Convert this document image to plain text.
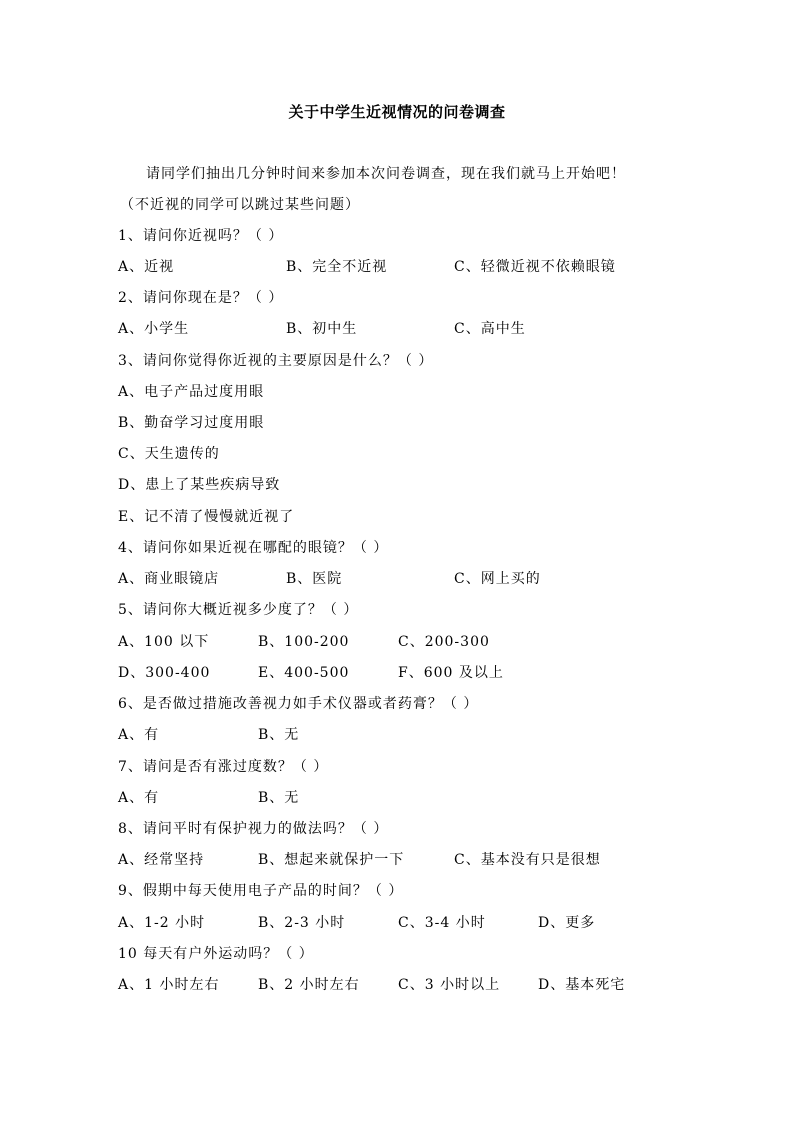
关于中学生近视情况的问卷调查
请同学们抽出几分钟时间来参加本次问卷调查，现在我们就马上开始吧！
（不近视的同学可以跳过某些问题）
1、请问你近视吗？（ ）
A、近视	B、完全不近视	C、轻微近视不依赖眼镜
2、请问你现在是？（ ）
A、小学生	B、初中生	C、高中生
3、请问你觉得你近视的主要原因是什么？（ ）
A、电子产品过度用眼
B、勤奋学习过度用眼
C、天生遗传的
D、患上了某些疾病导致
E、记不清了慢慢就近视了
4、请问你如果近视在哪配的眼镜？（ ）
A、商业眼镜店	B、医院	C、网上买的
5、请问你大概近视多少度了？（ ）
A、100 以下	B、100-200	C、200-300
D、300-400	E、400-500	F、600 及以上
6、是否做过措施改善视力如手术仪器或者药膏？（ ）
A、有	B、无
7、请问是否有涨过度数？（ ）
A、有	B、无
8、请问平时有保护视力的做法吗？（ ）
A、经常坚持	B、想起来就保护一下	C、基本没有只是很想
9、假期中每天使用电子产品的时间？（ ）
A、1-2 小时	B、2-3 小时	C、3-4 小时	D、更多
10 每天有户外运动吗？（ ）
A、1 小时左右	B、2 小时左右	C、3 小时以上	D、基本死宅
